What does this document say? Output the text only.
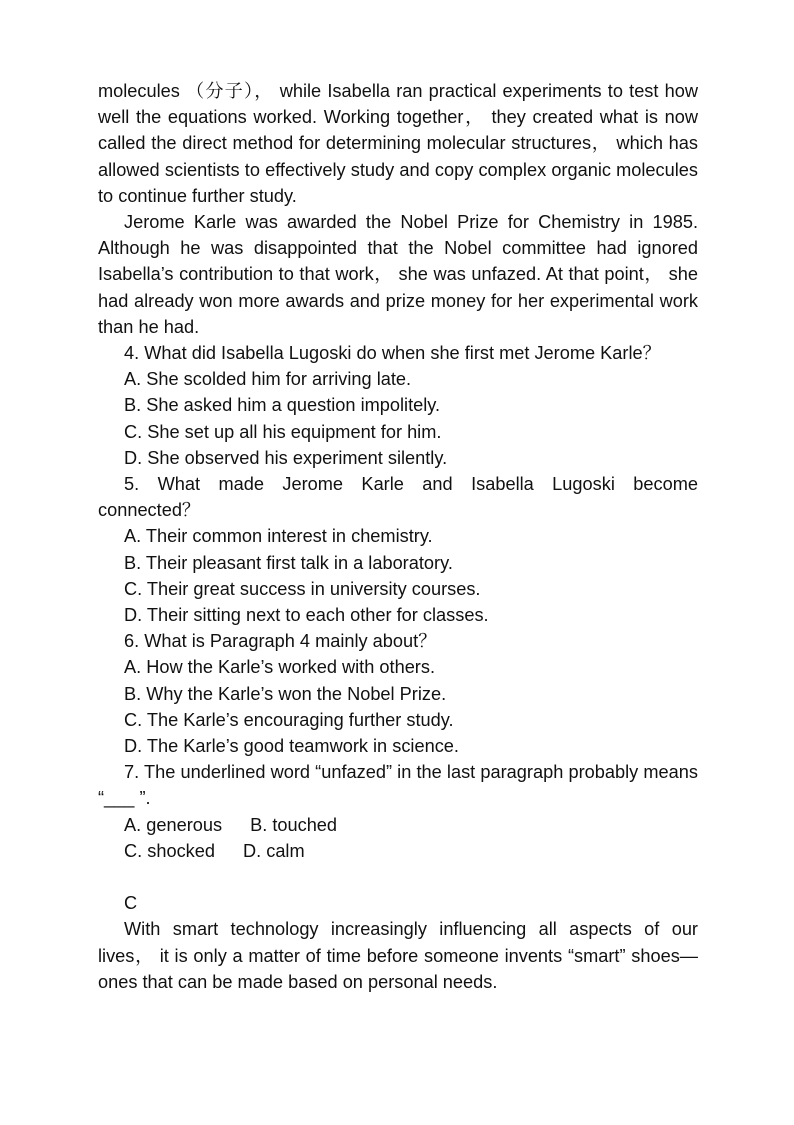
molecules （分子）， while Isabella ran practical experiments to test how well the equations worked. Working together， they created what is now called the direct method for determining molecular structures， which has allowed scientists to effectively study and copy complex organic molecules to continue further study.

Jerome Karle was awarded the Nobel Prize for Chemistry in 1985. Although he was disappointed that the Nobel committee had ignored Isabella’s contribution to that work， she was unfazed. At that point， she had already won more awards and prize money for her experimental work than he had.

4. What did Isabella Lugoski do when she first met Jerome Karle？

A. She scolded him for arriving late.

B. She asked him a question impolitely.

C. She set up all his equipment for him.

D. She observed his experiment silently.

5. What made Jerome Karle and Isabella Lugoski become connected？

A. Their common interest in chemistry.

B. Their pleasant first talk in a laboratory.

C. Their great success in university courses.

D. Their sitting next to each other for classes.

6. What is Paragraph 4 mainly about？

A. How the Karle’s worked with others.

B. Why the Karle’s won the Nobel Prize.

C. The Karle’s encouraging further study.

D. The Karle’s good teamwork in science.

7. The underlined word “unfazed” in the last paragraph probably means “___ ”.

A. generous B. touched

C. shocked D. calm

C

With smart technology increasingly influencing all aspects of our lives， it is only a matter of time before someone invents “smart” shoes—ones that can be made based on personal needs.
